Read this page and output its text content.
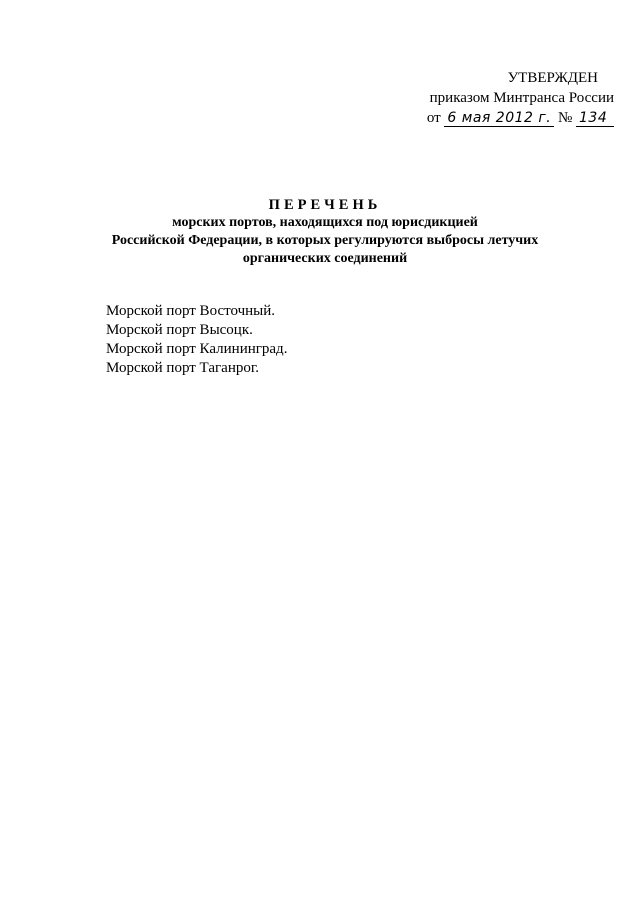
УТВЕРЖДЕН
приказом Минтранса России
от 6 мая 2012 г. № 134
ПЕРЕЧЕНЬ
морских портов, находящихся под юрисдикцией
Российской Федерации, в которых регулируются выбросы летучих
органических соединений
Морской порт Восточный.
Морской порт Высоцк.
Морской порт Калининград.
Морской порт Таганрог.
